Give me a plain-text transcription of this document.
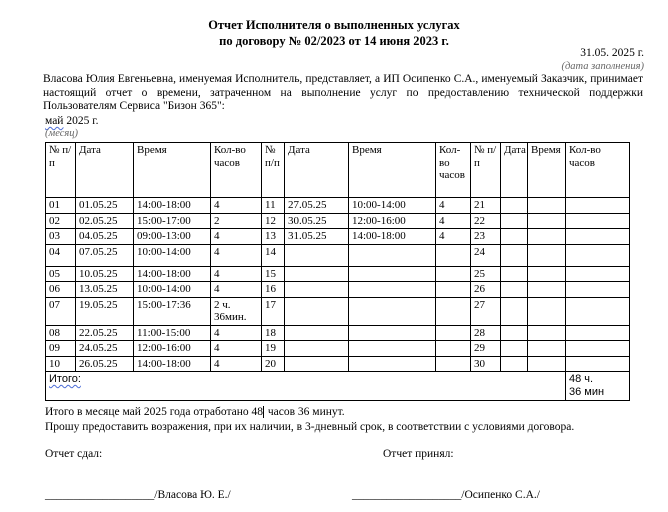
Отчет Исполнителя о выполненных услугах
по договору № 02/2023 от 14 июня 2023 г.
31.05. 2025 г.
(дата заполнения)
Власова Юлия Евгеньевна, именуемая Исполнитель, представляет, а ИП Осипенко С.А., именуемый Заказчик, принимает настоящий отчет о времени, затраченном на выполнение услуг по предоставлению технической поддержки Пользователям Сервиса "Бизон 365":
май 2025 г.
(месяц)
№ п/п	Дата	Время	Кол-во часов	№ п/п	Дата	Время	Кол-во часов	№ п/п	Дата	Время	Кол-во часов
01	01.05.25	14:00-18:00	4	11	27.05.25	10:00-14:00	4	21			
02	02.05.25	15:00-17:00	2	12	30.05.25	12:00-16:00	4	22			
03	04.05.25	09:00-13:00	4	13	31.05.25	14:00-18:00	4	23			
04	07.05.25	10:00-14:00	4	14				24			
05	10.05.25	14:00-18:00	4	15				25			
06	13.05.25	10:00-14:00	4	16				26			
07	19.05.25	15:00-17:36	2 ч. 36мин.	17				27			
08	22.05.25	11:00-15:00	4	18				28			
09	24.05.25	12:00-16:00	4	19				29			
10	26.05.25	14:00-18:00	4	20				30			
Итого:											48 ч.
36 мин
Итого в месяце май 2025 года отработано 48 часов 36 минут.
Прошу предоставить возражения, при их наличии, в 3-дневный срок, в соответствии с условиями договора.
Отчет сдал:	Отчет принял:
___________________/Власова Ю. Е./	___________________/Осипенко С.А./
